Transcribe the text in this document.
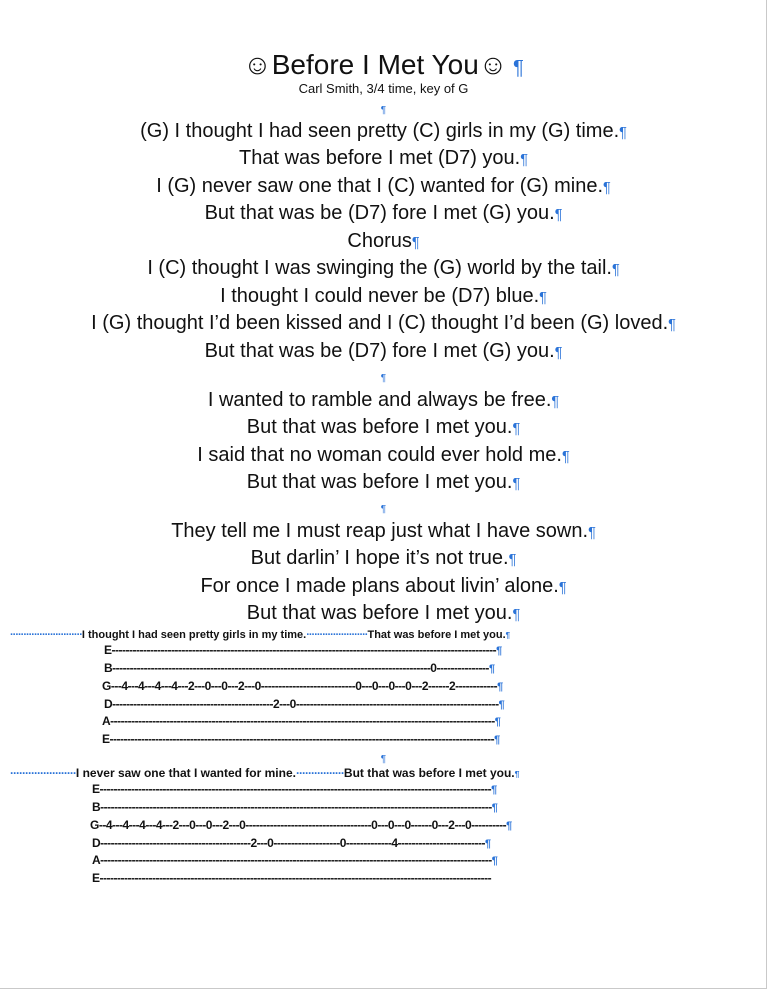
☺Before I Met You☺ ¶
Carl Smith, 3/4 time, key of G
¶
(G) I thought I had seen pretty (C) girls in my (G) time.¶
That was before I met (D7) you.¶
I (G) never saw one that I (C) wanted for (G) mine.¶
But that was be (D7) fore I met (G) you.¶
Chorus¶
I (C) thought I was swinging the (G) world by the tail.¶
I thought I could never be (D7) blue.¶
I (G) thought I’d been kissed and I (C) thought I’d been (G) loved.¶
But that was be (D7) fore I met (G) you.¶
¶
I wanted to ramble and always be free.¶
But that was before I met you.¶
I said that no woman could ever hold me.¶
But that was before I met you.¶
¶
They tell me I must reap just what I have sown.¶
But darlin’ I hope it’s not true.¶
For once I made plans about livin’ alone.¶
But that was before I met you.¶
···························I thought I had seen pretty girls in my time.·······················That was before I met you.¶
E--------------------------------------------------------------------------------------------------------------¶
B-------------------------------------------------------------------------------------------0---------------¶
G---4---4---4---4---2---0---0---2---0---------------------------0---0---0---0---2------2------------¶
D----------------------------------------------2---0----------------------------------------------------------¶
A--------------------------------------------------------------------------------------------------------------¶
E--------------------------------------------------------------------------------------------------------------¶
¶
······················I never saw one that I wanted for mine.················But that was before I met you.¶
E----------------------------------------------------------------------------------------------------------------¶
B----------------------------------------------------------------------------------------------------------------¶
G--4---4---4---4---2---0---0---2---0------------------------------------0---0---0------0---2---0----------¶
D-------------------------------------------2---0-------------------0-------------4-------------------------¶
A----------------------------------------------------------------------------------------------------------------¶
E----------------------------------------------------------------------------------------------------------------
